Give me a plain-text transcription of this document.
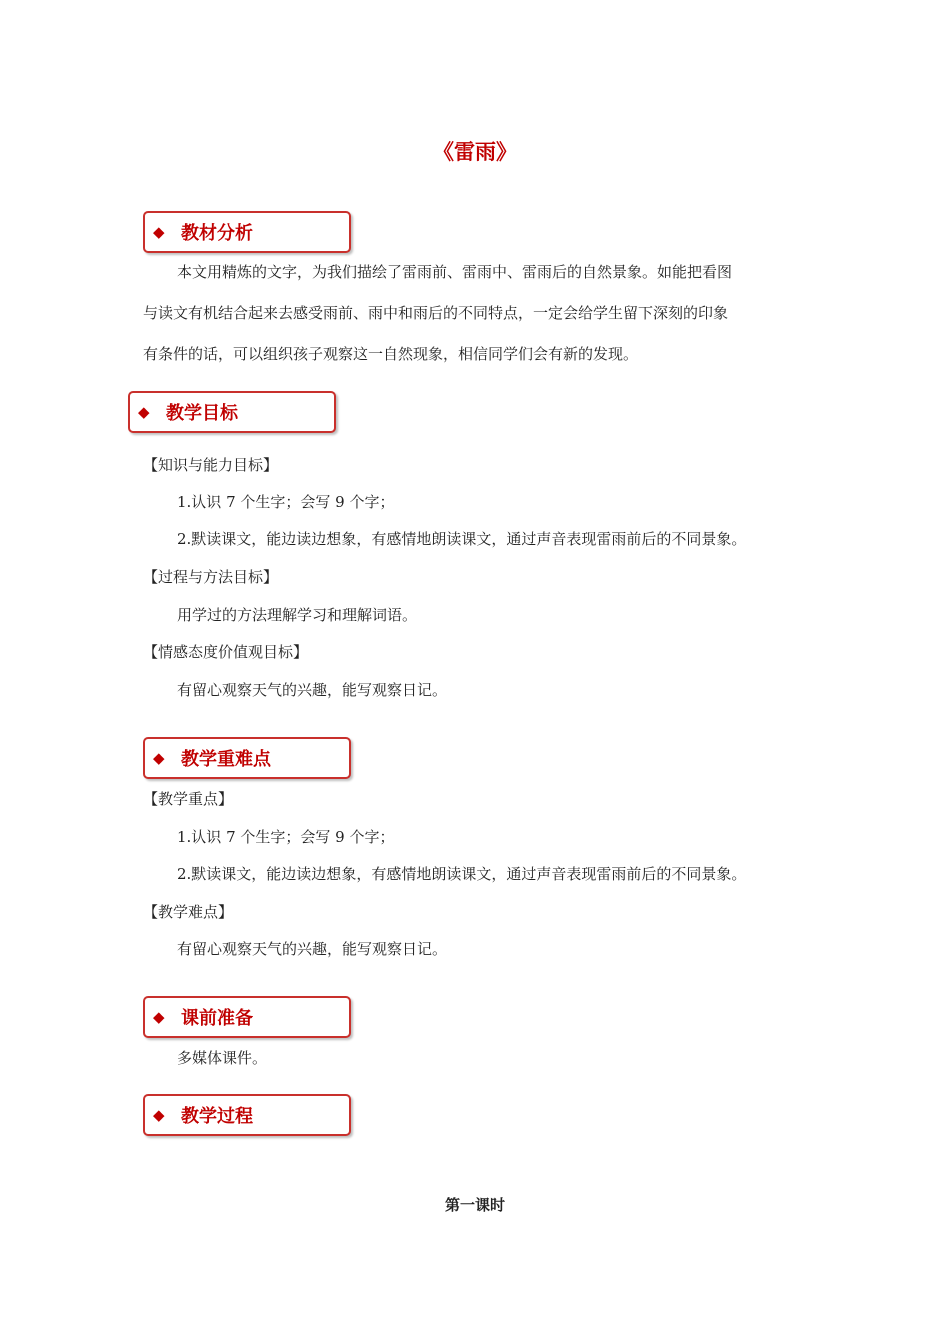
《雷雨》
◆ 教材分析
本文用精炼的文字，为我们描绘了雷雨前、雷雨中、雷雨后的自然景象。如能把看图
与读文有机结合起来去感受雨前、雨中和雨后的不同特点，一定会给学生留下深刻的印象
有条件的话，可以组织孩子观察这一自然现象，相信同学们会有新的发现。
◆ 教学目标
【知识与能力目标】
1.认识 7 个生字；会写 9 个字；
2.默读课文，能边读边想象，有感情地朗读课文，通过声音表现雷雨前后的不同景象。
【过程与方法目标】
用学过的方法理解学习和理解词语。
【情感态度价值观目标】
有留心观察天气的兴趣，能写观察日记。
◆ 教学重难点
【教学重点】
1.认识 7 个生字；会写 9 个字；
2.默读课文，能边读边想象，有感情地朗读课文，通过声音表现雷雨前后的不同景象。
【教学难点】
有留心观察天气的兴趣，能写观察日记。
◆ 课前准备
多媒体课件。
◆ 教学过程
第一课时
